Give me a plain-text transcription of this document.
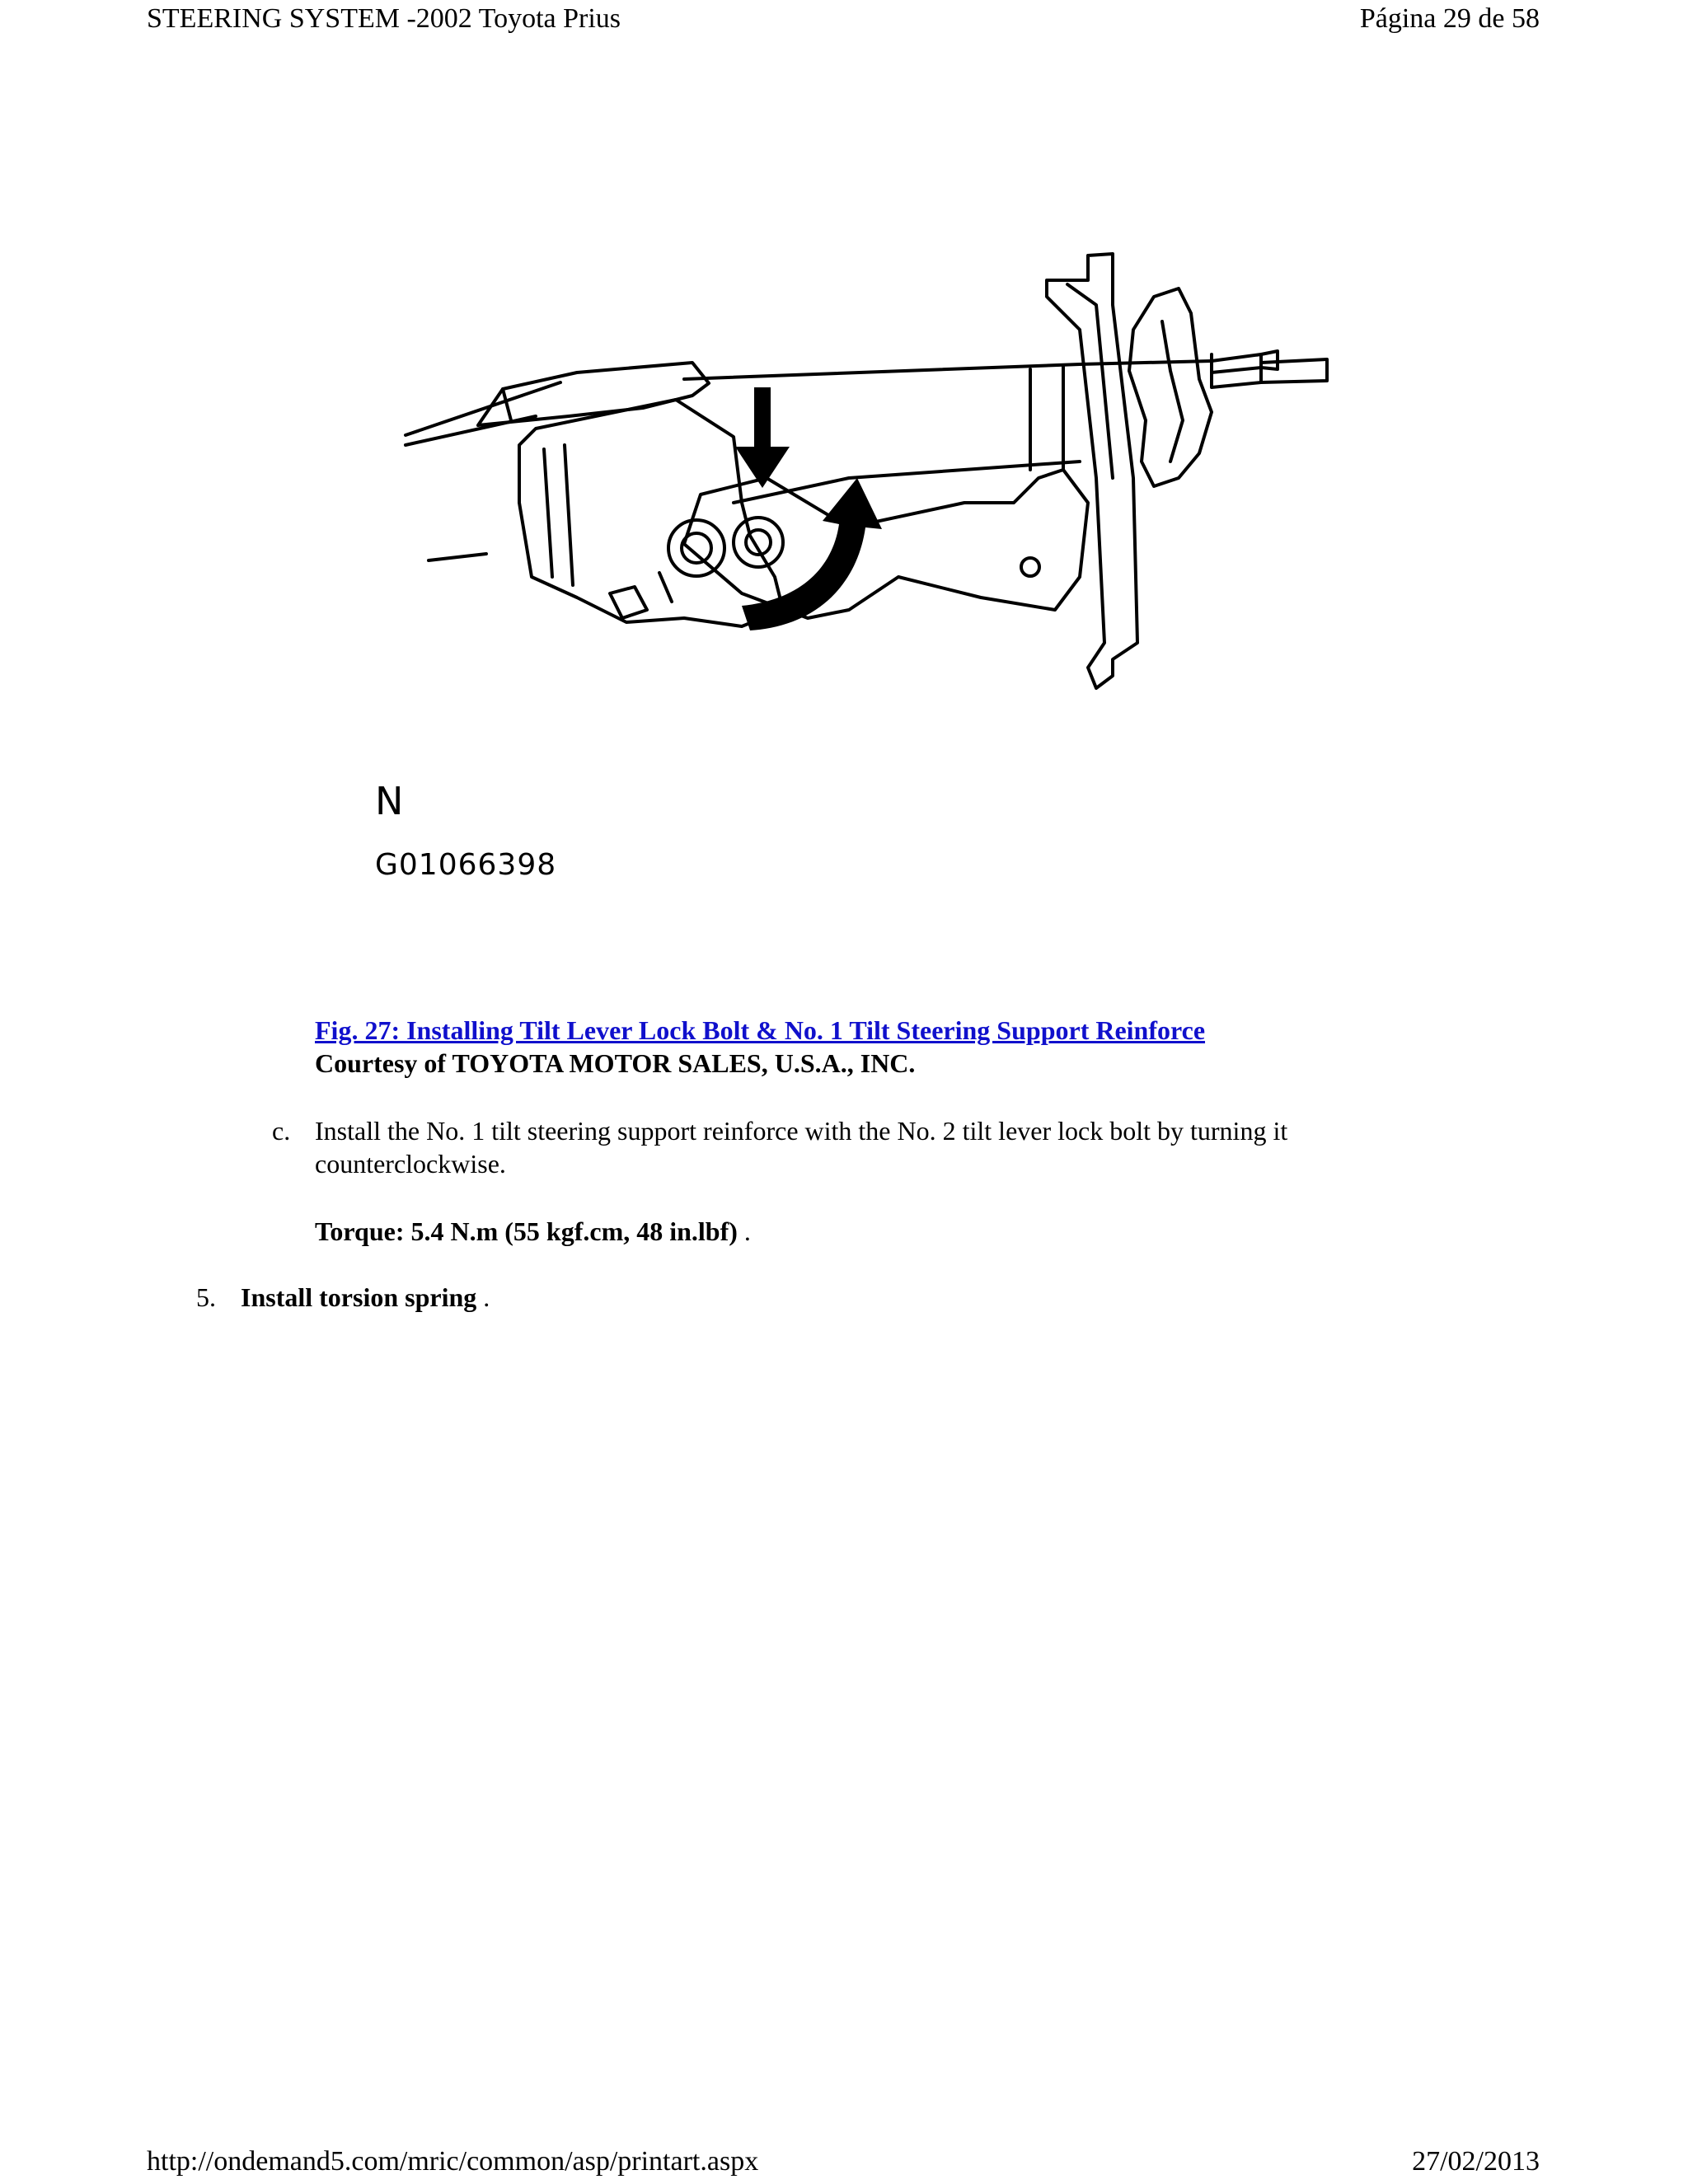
STEERING SYSTEM -2002 Toyota Prius	Página 29 de 58
N
G01066398
Fig. 27: Installing Tilt Lever Lock Bolt & No. 1 Tilt Steering Support Reinforce
Courtesy of TOYOTA MOTOR SALES, U.S.A., INC.
c. Install the No. 1 tilt steering support reinforce with the No. 2 tilt lever lock bolt by turning it counterclockwise.
Torque: 5.4 N.m (55 kgf.cm, 48 in.lbf) .
5. Install torsion spring .
http://ondemand5.com/mric/common/asp/printart.aspx	27/02/2013
